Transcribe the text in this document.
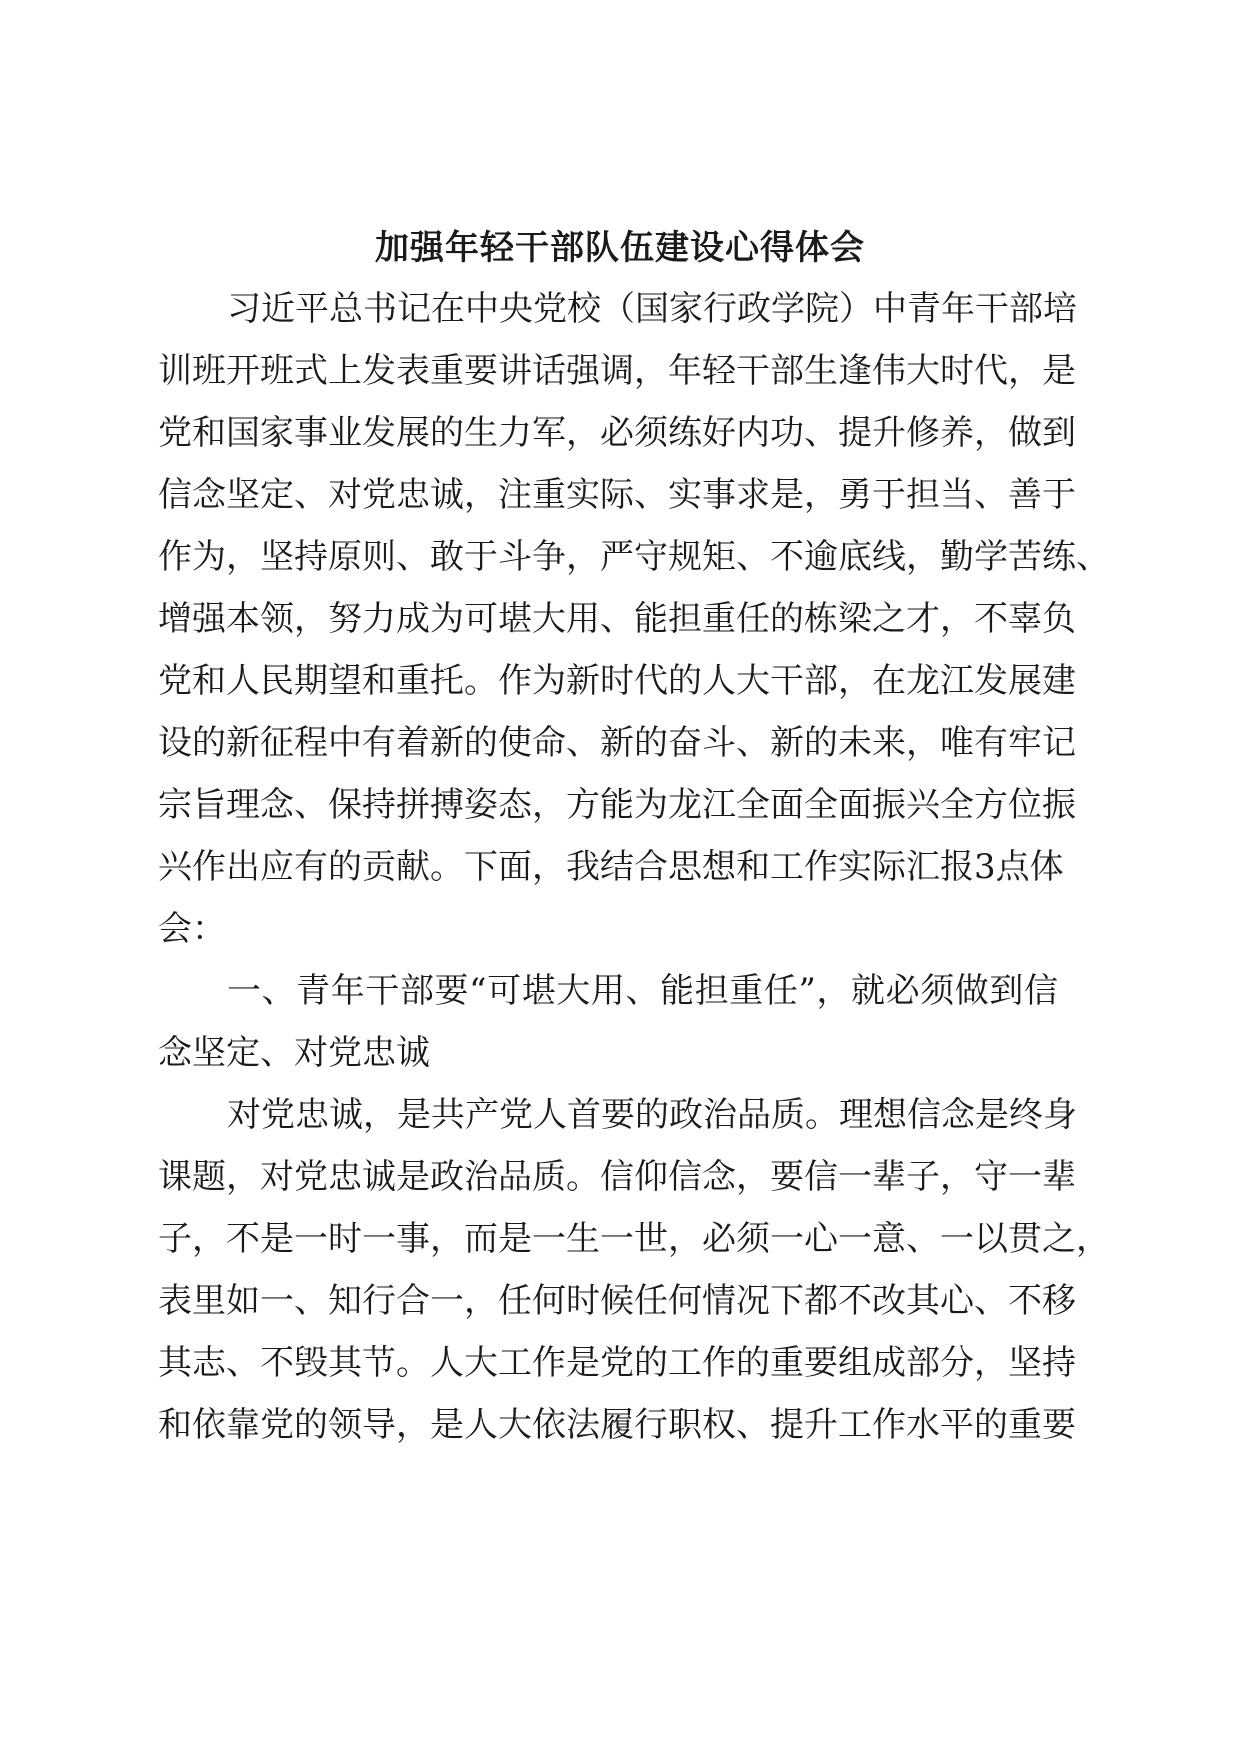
加强年轻干部队伍建设心得体会

习近平总书记在中央党校（国家行政学院）中青年干部培

训班开班式上发表重要讲话强调，年轻干部生逢伟大时代，是

党和国家事业发展的生力军，必须练好内功、提升修养，做到

信念坚定、对党忠诚，注重实际、实事求是，勇于担当、善于

作为，坚持原则、敢于斗争，严守规矩、不逾底线，勤学苦练、

增强本领，努力成为可堪大用、能担重任的栋梁之才，不辜负

党和人民期望和重托。作为新时代的人大干部，在龙江发展建

设的新征程中有着新的使命、新的奋斗、新的未来，唯有牢记

宗旨理念、保持拼搏姿态，方能为龙江全面全面振兴全方位振

兴作出应有的贡献。下面，我结合思想和工作实际汇报3点体

会：

一、青年干部要“可堪大用、能担重任”，就必须做到信

念坚定、对党忠诚

对党忠诚，是共产党人首要的政治品质。理想信念是终身

课题，对党忠诚是政治品质。信仰信念，要信一辈子，守一辈

子，不是一时一事，而是一生一世，必须一心一意、一以贯之，

表里如一、知行合一，任何时候任何情况下都不改其心、不移

其志、不毁其节。人大工作是党的工作的重要组成部分，坚持

和依靠党的领导，是人大依法履行职权、提升工作水平的重要
